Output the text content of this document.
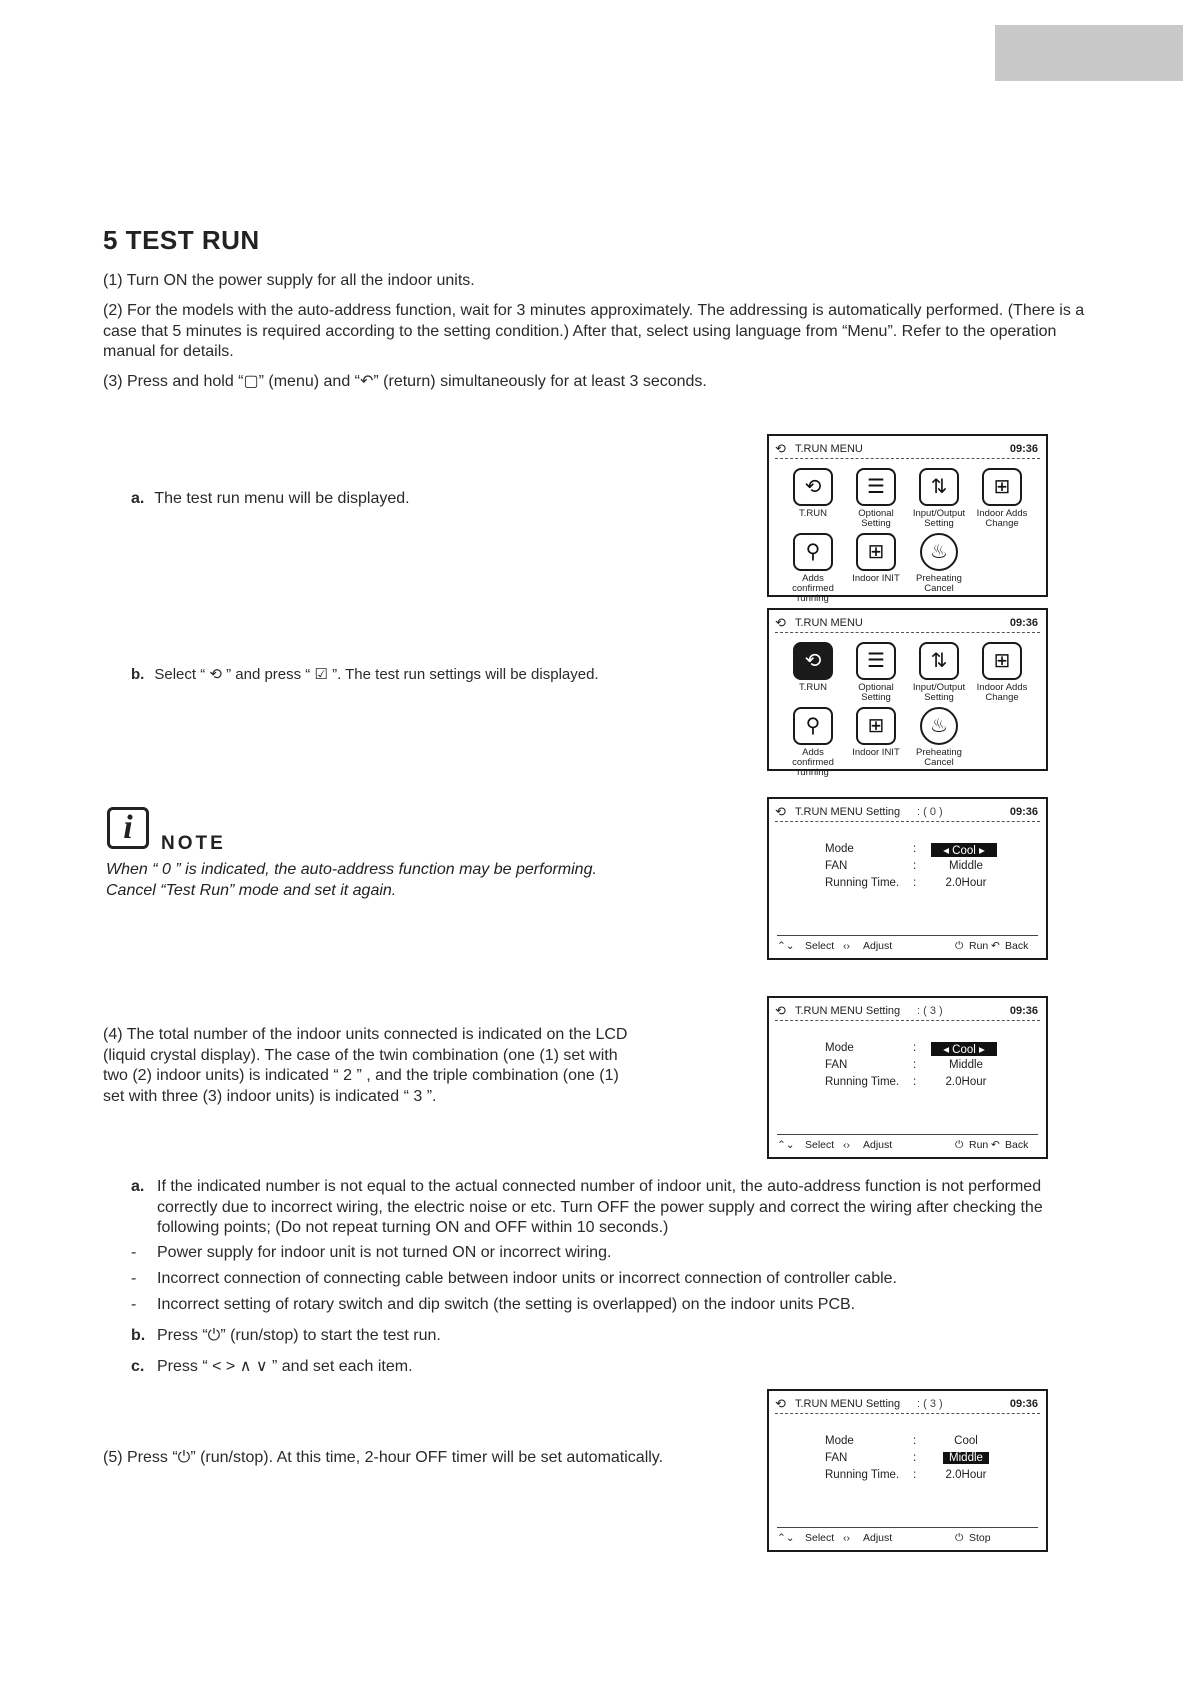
5 TEST RUN
(1) Turn ON the power supply for all the indoor units.
(2) For the models with the auto-address function, wait for 3 minutes approximately. The addressing is automatically performed. (There is a case that 5 minutes is required according to the setting condition.) After that, select using language from “Menu”. Refer to the operation manual for details.
(3) Press and hold “▢” (menu) and “↶” (return) simultaneously for at least 3 seconds.
a. The test run menu will be displayed.
b. Select “ ⟲ ” and press “ ☑ ”. The test run settings will be displayed.
i	NOTE
When “ 0 ” is indicated, the auto-address function may be performing. Cancel “Test Run” mode and set it again.
(4) The total number of the indoor units connected is indicated on the LCD (liquid crystal display). The case of the twin combination (one (1) set with two (2) indoor units) is indicated “ 2 ” , and the triple combination (one (1) set with three (3) indoor units) is indicated “ 3 ”.
a. If the indicated number is not equal to the actual connected number of indoor unit, the auto-address function is not performed correctly due to incorrect wiring, the electric noise or etc. Turn OFF the power supply and correct the wiring after checking the following points; (Do not repeat turning ON and OFF within 10 seconds.)
- Power supply for indoor unit is not turned ON or incorrect wiring.
- Incorrect connection of connecting cable between indoor units or incorrect connection of controller cable.
- Incorrect setting of rotary switch and dip switch (the setting is overlapped) on the indoor units PCB.
b. Press “⏻” (run/stop) to start the test run.
c. Press “ < > ∧ ∨ ” and set each item.
(5) Press “⏻” (run/stop). At this time, 2-hour OFF timer will be set automatically.
⟲ T.RUN MENU	09:36
⟲
T.RUN
☰
Optional Setting
⇅
Input/Output Setting
⊞
Indoor Adds Change
⚲
Adds confirmed running
⊞
Indoor INIT
♨
Preheating Cancel
⟲ T.RUN MENU	09:36
⟲
T.RUN
☰
Optional Setting
⇅
Input/Output Setting
⊞
Indoor Adds Change
⚲
Adds confirmed running
⊞
Indoor INIT
♨
Preheating Cancel
⟲ T.RUN MENU Setting : ( 0 )	09:36
Mode	:	◂ Cool ▸
FAN	:	Middle
Running Time. :	2.0Hour
⌃⌄ Select ‹› Adjust	⏻ Run ↶ Back
⟲ T.RUN MENU Setting : ( 3 )	09:36
Mode	:	◂ Cool ▸
FAN	:	Middle
Running Time. :	2.0Hour
⌃⌄ Select ‹› Adjust	⏻ Run ↶ Back
⟲ T.RUN MENU Setting : ( 3 )	09:36
Mode	:	Cool
FAN	:	Middle
Running Time. :	2.0Hour
⌃⌄ Select ‹› Adjust	⏻ Stop
